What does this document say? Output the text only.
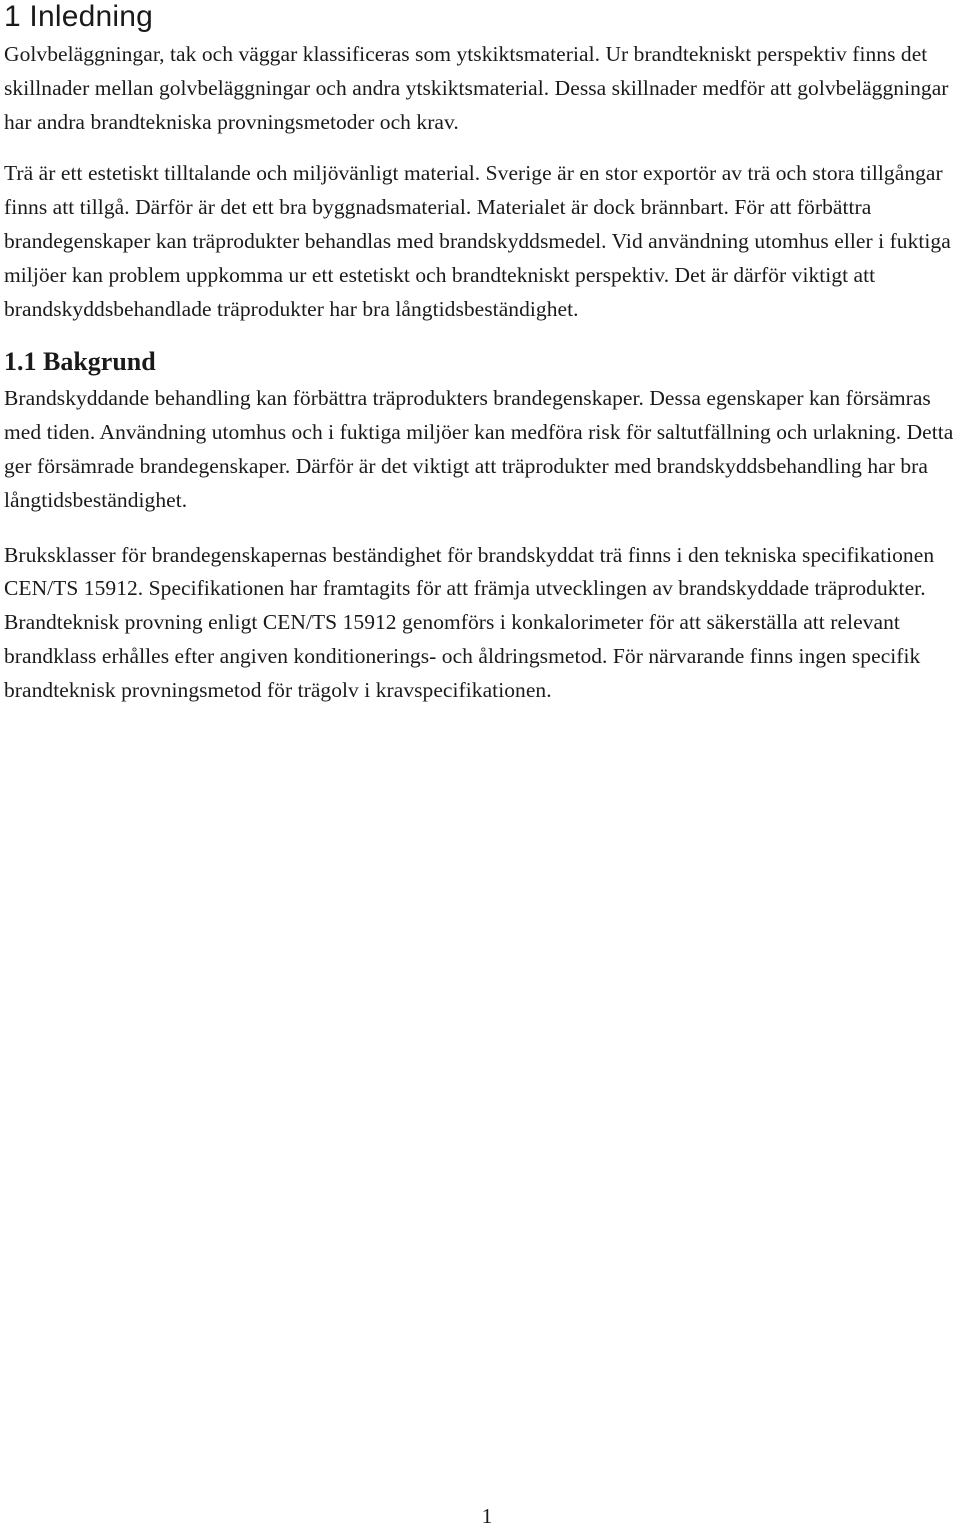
1 Inledning

Golvbeläggningar, tak och väggar klassificeras som ytskiktsmaterial. Ur brandtekniskt perspektiv finns det skillnader mellan golvbeläggningar och andra ytskiktsmaterial. Dessa skillnader medför att golvbeläggningar har andra brandtekniska provningsmetoder och krav.

Trä är ett estetiskt tilltalande och miljövänligt material. Sverige är en stor exportör av trä och stora tillgångar finns att tillgå. Därför är det ett bra byggnadsmaterial. Materialet är dock brännbart. För att förbättra brandegenskaper kan träprodukter behandlas med brandskyddsmedel. Vid användning utomhus eller i fuktiga miljöer kan problem uppkomma ur ett estetiskt och brandtekniskt perspektiv. Det är därför viktigt att brandskyddsbehandlade träprodukter har bra långtidsbeständighet.

1.1 Bakgrund

Brandskyddande behandling kan förbättra träprodukters brandegenskaper. Dessa egenskaper kan försämras med tiden. Användning utomhus och i fuktiga miljöer kan medföra risk för saltutfällning och urlakning. Detta ger försämrade brandegenskaper. Därför är det viktigt att träprodukter med brandskyddsbehandling har bra långtidsbeständighet.

Bruksklasser för brandegenskapernas beständighet för brandskyddat trä finns i den tekniska specifikationen CEN/TS 15912. Specifikationen har framtagits för att främja utvecklingen av brandskyddade träprodukter. Brandteknisk provning enligt CEN/TS 15912 genomförs i konkalorimeter för att säkerställa att relevant brandklass erhålles efter angiven konditionerings- och åldringsmetod. För närvarande finns ingen specifik brandteknisk provningsmetod för trägolv i kravspecifikationen.

1
